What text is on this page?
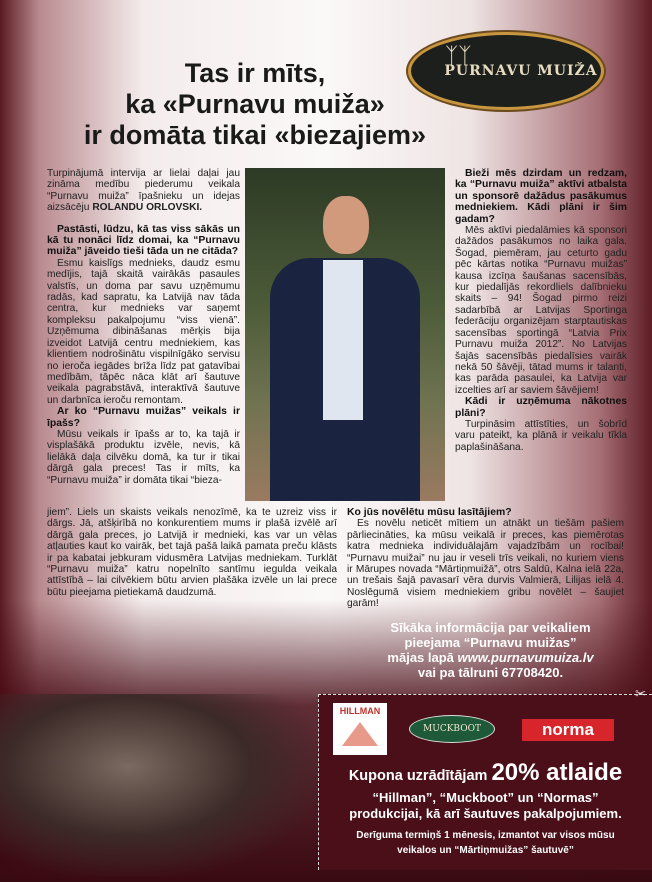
Tas ir mīts,
ka «Purnavu muiža»
ir domāta tikai «biezajiem»
ᛉᛉ
PURNAVU MUIŽA

Turpinājumā intervija ar lielai daļai jau zināma medību piederumu veikala “Purnavu muiža” īpašnieku un idejas aizsācēju ROLANDU ORLOVSKI.

Pastāsti, lūdzu, kā tas viss sākās un kā tu nonāci līdz domai, ka “Purnavu muiža” jāveido tieši tāda un ne citāda?

Esmu kaislīgs mednieks, daudz esmu medījis, tajā skaitā vairākās pasaules valstīs, un doma par savu uzņēmumu radās, kad sapratu, ka Latvijā nav tāda centra, kur mednieks var saņemt kompleksu pakalpojumu “viss vienā”. Uzņēmuma dibināšanas mērķis bija izveidot Latvijā centru medniekiem, kas klientiem nodrošinātu vispilnīgāko servisu no ieroča iegādes brīža līdz pat gatavībai medībām, tāpēc nāca klāt arī šautuve veikala pagrabstāvā, interaktīvā šautuve un darbnīca ieroču remontam.

Ar ko “Purnavu muižas” veikals ir īpašs?

Mūsu veikals ir īpašs ar to, ka tajā ir visplašākā produktu izvēle, nevis, kā lielākā daļa cilvēku domā, ka tur ir tikai dārgā gala preces! Tas ir mīts, ka “Purnavu muiža” ir domāta tikai “bieza-

Bieži mēs dzirdam un redzam, ka “Purnavu muiža” aktīvi atbalsta un sponsorē dažādus pasākumus medniekiem. Kādi plāni ir šim gadam?

Mēs aktīvi piedalāmies kā sponsori dažādos pasākumos no laika gala. Šogad, piemēram, jau ceturto gadu pēc kārtas notika “Purnavu muižas” kausa izcīņa šaušanas sacensībās, kur piedalījās rekordliels dalībnieku skaits – 94! Šogad pirmo reizi sadarbībā ar Latvijas Sportinga federāciju organizējam starptautiskas sacensības sportingā “Latvia Prix Purnavu muiža 2012”. No Latvijas šajās sacensībās piedalīsies vairāk nekā 50 šāvēji, tātad mums ir talanti, kas parāda pasaulei, ka Latvija var izcelties arī ar saviem šāvējiem!

Kādi ir uzņēmuma nākotnes plāni?

Turpināsim attīstīties, un šobrīd varu pateikt, ka plānā ir veikalu tīkla paplašināšana.

jiem”. Liels un skaists veikals nenozīmē, ka te uzreiz viss ir dārgs. Jā, atšķirībā no konkurentiem mums ir plašā izvēlē arī dārgā gala preces, jo Latvijā ir mednieki, kas var un vēlas atļauties kaut ko vairāk, bet tajā pašā laikā pamata preču klāsts ir pa kabatai jebkuram vidusmēra Latvijas medniekam. Turklāt “Purnavu muiža” katru nopelnīto santīmu iegulda veikala attīstībā – lai cilvēkiem būtu arvien plašāka izvēle un lai prece būtu pieejama pietiekamā daudzumā.

Ko jūs novēlētu mūsu lasītājiem?

Es novēlu neticēt mītiem un atnākt un tiešām pašiem pārliecināties, ka mūsu veikalā ir preces, kas piemērotas katra mednieka individuālajām vajadzībām un rocībai! “Purnavu muižai” nu jau ir veseli trīs veikali, no kuriem viens ir Mārupes novada “Mārtiņmuižā”, otrs Saldū, Kalna ielā 22a, un trešais šajā pavasarī vēra durvis Valmierā, Lilijas ielā 4. Noslēgumā visiem medniekiem gribu novēlēt – šaujiet garām!

Sīkāka informācija par veikaliem
pieejama “Purnavu muižas”
mājas lapā www.purnavumuiza.lv
vai pa tālruni 67708420.
✂
HILLMAN
MUCKBOOT	norma
Kupona uzrādītājam 20% atlaide
“Hillman”, “Muckboot” un “Normas”
produkcijai, kā arī šautuves pakalpojumiem.
Derīguma termiņš 1 mēnesis, izmantot var visos mūsu
veikalos un “Mārtiņmuižas” šautuvē”
